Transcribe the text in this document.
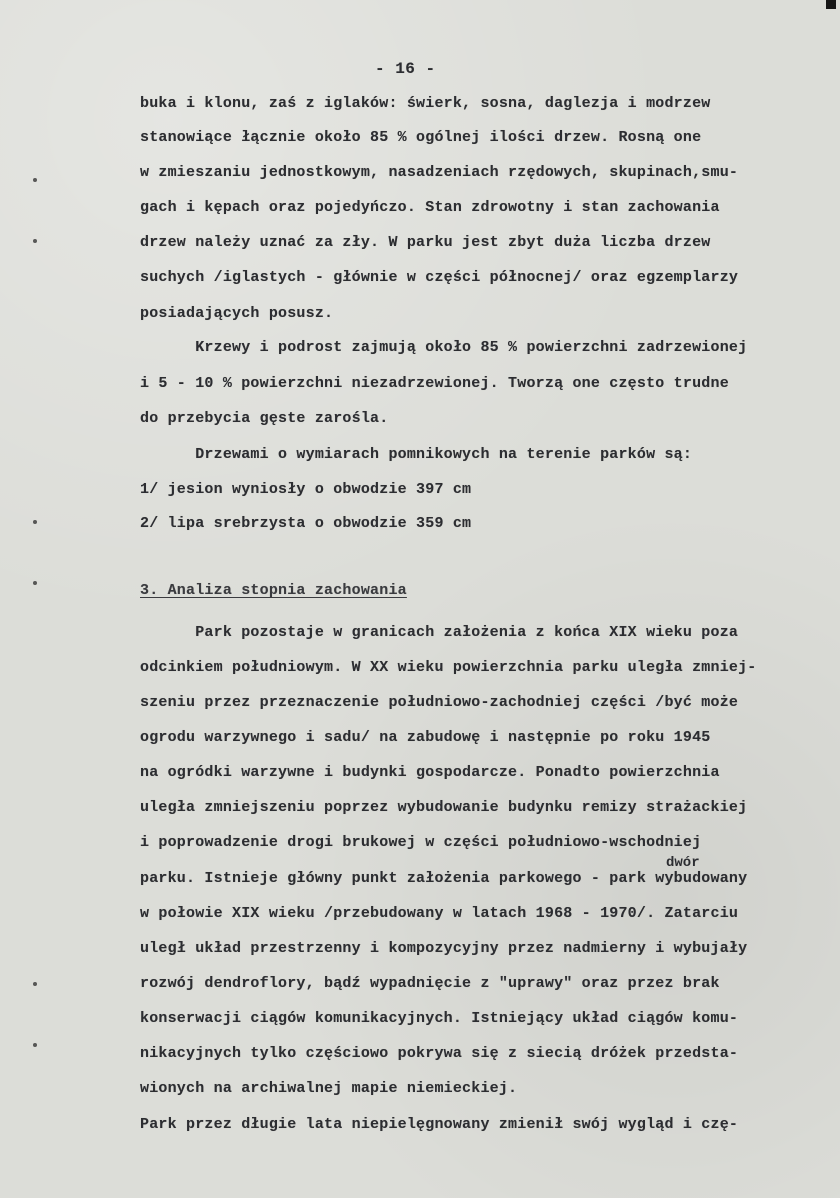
- 16 -
buka i klonu, zaś z iglaków: świerk, sosna, daglezja i modrzew
stanowiące łącznie około 85 % ogólnej ilości drzew. Rosną one
w zmieszaniu jednostkowym, nasadzeniach rzędowych, skupinach,smu-
gach i kępach oraz pojedyńczo. Stan zdrowotny i stan zachowania
drzew należy uznać za zły. W parku jest zbyt duża liczba drzew
suchych /iglastych - głównie w części północnej/ oraz egzemplarzy
posiadających posusz.
Krzewy i podrost zajmują około 85 % powierzchni zadrzewionej
i 5 - 10 % powierzchni niezadrzewionej. Tworzą one często trudne
do przebycia gęste zarośla.
Drzewami o wymiarach pomnikowych na terenie parków są:
1/ jesion wyniosły o obwodzie 397 cm
2/ lipa srebrzysta o obwodzie 359 cm
3. Analiza stopnia zachowania
Park pozostaje w granicach założenia z końca XIX wieku poza
odcinkiem południowym. W XX wieku powierzchnia parku uległa zmniej-
szeniu przez przeznaczenie południowo-zachodniej części /być może
ogrodu warzywnego i sadu/ na zabudowę i następnie po roku 1945
na ogródki warzywne i budynki gospodarcze. Ponadto powierzchnia
uległa zmniejszeniu poprzez wybudowanie budynku remizy strażackiej
i poprowadzenie drogi brukowej w części południowo-wschodniej
dwór
parku. Istnieje główny punkt założenia parkowego - park wybudowany
w połowie XIX wieku /przebudowany w latach 1968 - 1970/. Zatarciu
uległ układ przestrzenny i kompozycyjny przez nadmierny i wybujały
rozwój dendroflory, bądź wypadnięcie z "uprawy" oraz przez brak
konserwacji ciągów komunikacyjnych. Istniejący układ ciągów komu-
nikacyjnych tylko częściowo pokrywa się z siecią dróżek przedsta-
wionych na archiwalnej mapie niemieckiej.
Park przez długie lata niepielęgnowany zmienił swój wygląd i czę-
